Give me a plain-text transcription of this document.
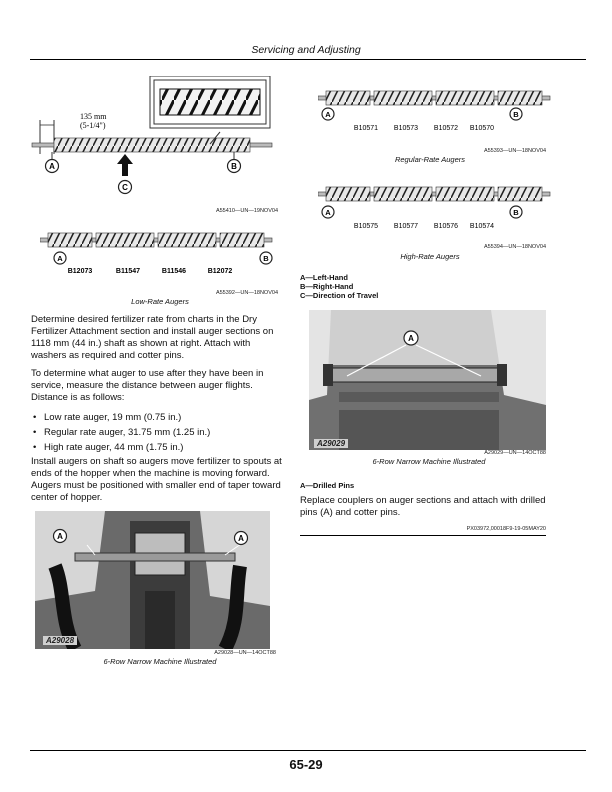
Servicing and Adjusting
135 mm
(5-1/4")
A	B
C
A55410—UN—19NOV04
A	B
B12073	B11547	B11546	B12072
A55392—UN—18NOV04
Low-Rate Augers

Determine desired fertilizer rate from charts in the Dry Fertilizer Attachment section and install auger sections on 1118 mm (44 in.) shaft as shown at right. Attach with washers as required and cotter pins.

To determine what auger to use after they have been in service, measure the distance between auger flights. Distance is as follows:

• Low rate auger, 19 mm (0.75 in.)
• Regular rate auger, 31.75 mm (1.25 in.)
• High rate auger, 44 mm (1.75 in.)
Install augers on shaft so augers move fertilizer to spouts at ends of the hopper when the machine is moving forward. Augers must be positioned with smaller end of taper toward center of hopper.
A	A
A29028
A29028—UN—14OCT88
6-Row Narrow Machine Illustrated
A	B
B10571 B10573 B10572 B10570
A55393—UN—18NOV04
Regular-Rate Augers
A	B
B10575 B10577 B10576 B10574
A55394—UN—18NOV04
High-Rate Augers
A—Left-Hand
B—Right-Hand
C—Direction of Travel
A
A29029
A29029—UN—14OCT88
6-Row Narrow Machine Illustrated
A—Drilled Pins
Replace couplers on auger sections and attach with drilled pins (A) and cotter pins.
PX03972,00018F9-19-05MAY20
65-29
